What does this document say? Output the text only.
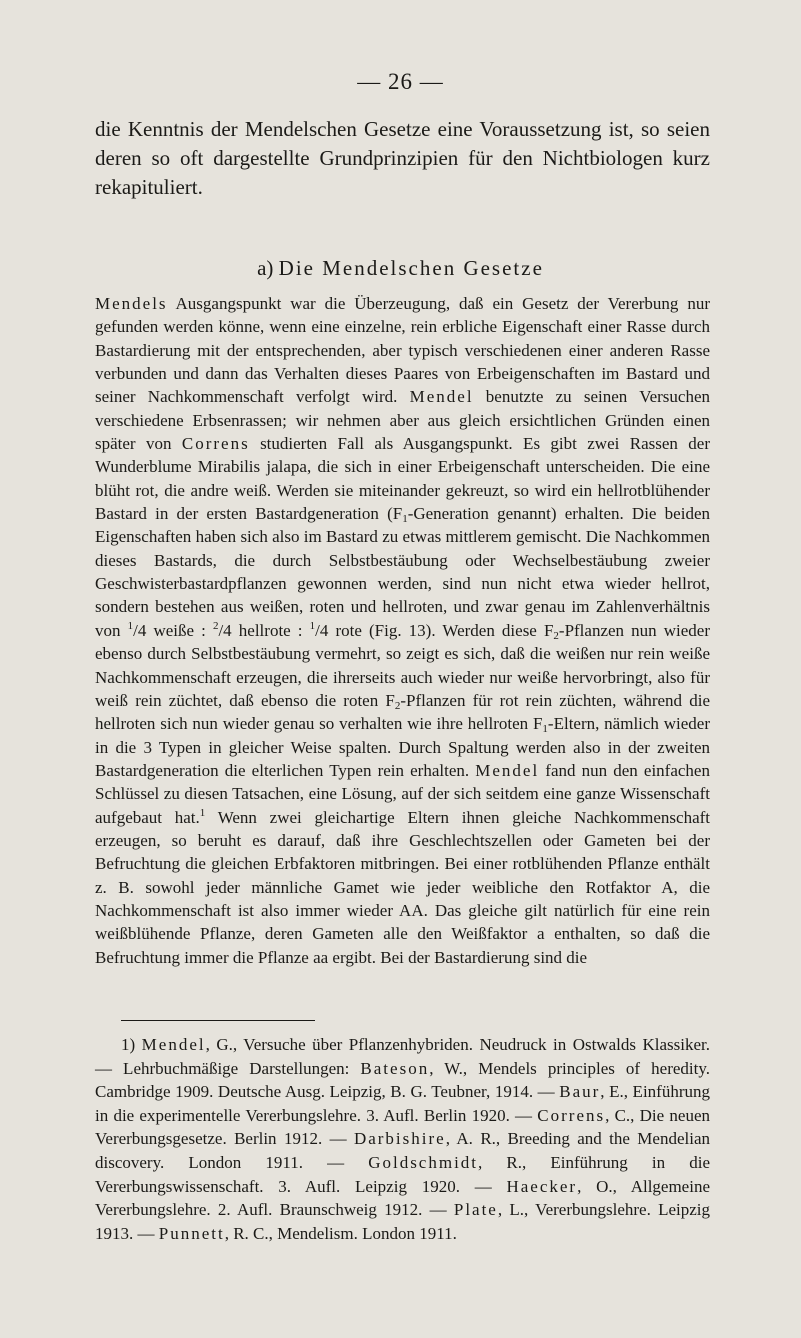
— 26 —

die Kenntnis der Mendelschen Gesetze eine Voraussetzung ist, so seien deren so oft dargestellte Grundprinzipien für den Nichtbiologen kurz rekapituliert.

a) Die Mendelschen Gesetze

Mendels Ausgangspunkt war die Überzeugung, daß ein Gesetz der Vererbung nur gefunden werden könne, wenn eine einzelne, rein erbliche Eigenschaft einer Rasse durch Bastardierung mit der entsprechenden, aber typisch verschiedenen einer anderen Rasse verbunden und dann das Verhalten dieses Paares von Erbeigenschaften im Bastard und seiner Nachkommenschaft verfolgt wird. Mendel benutzte zu seinen Versuchen verschiedene Erbsenrassen; wir nehmen aber aus gleich ersichtlichen Gründen einen später von Correns studierten Fall als Ausgangspunkt. Es gibt zwei Rassen der Wunderblume Mirabilis jalapa, die sich in einer Erbeigenschaft unterscheiden. Die eine blüht rot, die andre weiß. Werden sie miteinander gekreuzt, so wird ein hellrotblühender Bastard in der ersten Bastardgeneration ($F_1$-Generation genannt) erhalten. Die beiden Eigenschaften haben sich also im Bastard zu etwas mittlerem gemischt. Die Nachkommen dieses Bastards, die durch Selbstbestäubung oder Wechselbestäubung zweier Geschwisterbastardpflanzen gewonnen werden, sind nun nicht etwa wieder hellrot, sondern bestehen aus weißen, roten und hellroten, und zwar genau im Zahlenverhältnis von $^1$/4 weiße : $^2$/4 hellrote : $^1$/4 rote (Fig. 13). Werden diese $F_2$-Pflanzen nun wieder ebenso durch Selbstbestäubung vermehrt, so zeigt es sich, daß die weißen nur rein weiße Nachkommenschaft erzeugen, die ihrerseits auch wieder nur weiße hervorbringt, also für weiß rein züchtet, daß ebenso die roten $F_2$-Pflanzen für rot rein züchten, während die hellroten sich nun wieder genau so verhalten wie ihre hellroten $F_1$-Eltern, nämlich wieder in die 3 Typen in gleicher Weise spalten. Durch Spaltung werden also in der zweiten Bastardgeneration die elterlichen Typen rein erhalten. Mendel fand nun den einfachen Schlüssel zu diesen Tatsachen, eine Lösung, auf der sich seitdem eine ganze Wissenschaft aufgebaut hat.$^1$ Wenn zwei gleichartige Eltern ihnen gleiche Nachkommenschaft erzeugen, so beruht es darauf, daß ihre Geschlechtszellen oder Gameten bei der Befruchtung die gleichen Erbfaktoren mitbringen. Bei einer rotblühenden Pflanze enthält z. B. sowohl jeder männliche Gamet wie jeder weibliche den Rotfaktor A, die Nachkommenschaft ist also immer wieder AA. Das gleiche gilt natürlich für eine rein weißblühende Pflanze, deren Gameten alle den Weißfaktor a enthalten, so daß die Befruchtung immer die Pflanze aa ergibt. Bei der Bastardierung sind die

1) Mendel, G., Versuche über Pflanzenhybriden. Neudruck in Ostwalds Klassiker. — Lehrbuchmäßige Darstellungen: Bateson, W., Mendels principles of heredity. Cambridge 1909. Deutsche Ausg. Leipzig, B. G. Teubner, 1914. — Baur, E., Einführung in die experimentelle Vererbungslehre. 3. Aufl. Berlin 1920. — Correns, C., Die neuen Vererbungsgesetze. Berlin 1912. — Darbishire, A. R., Breeding and the Mendelian discovery. London 1911. — Goldschmidt, R., Einführung in die Vererbungswissenschaft. 3. Aufl. Leipzig 1920. — Haecker, O., Allgemeine Vererbungslehre. 2. Aufl. Braunschweig 1912. — Plate, L., Vererbungslehre. Leipzig 1913. — Punnett, R. C., Mendelism. London 1911.
